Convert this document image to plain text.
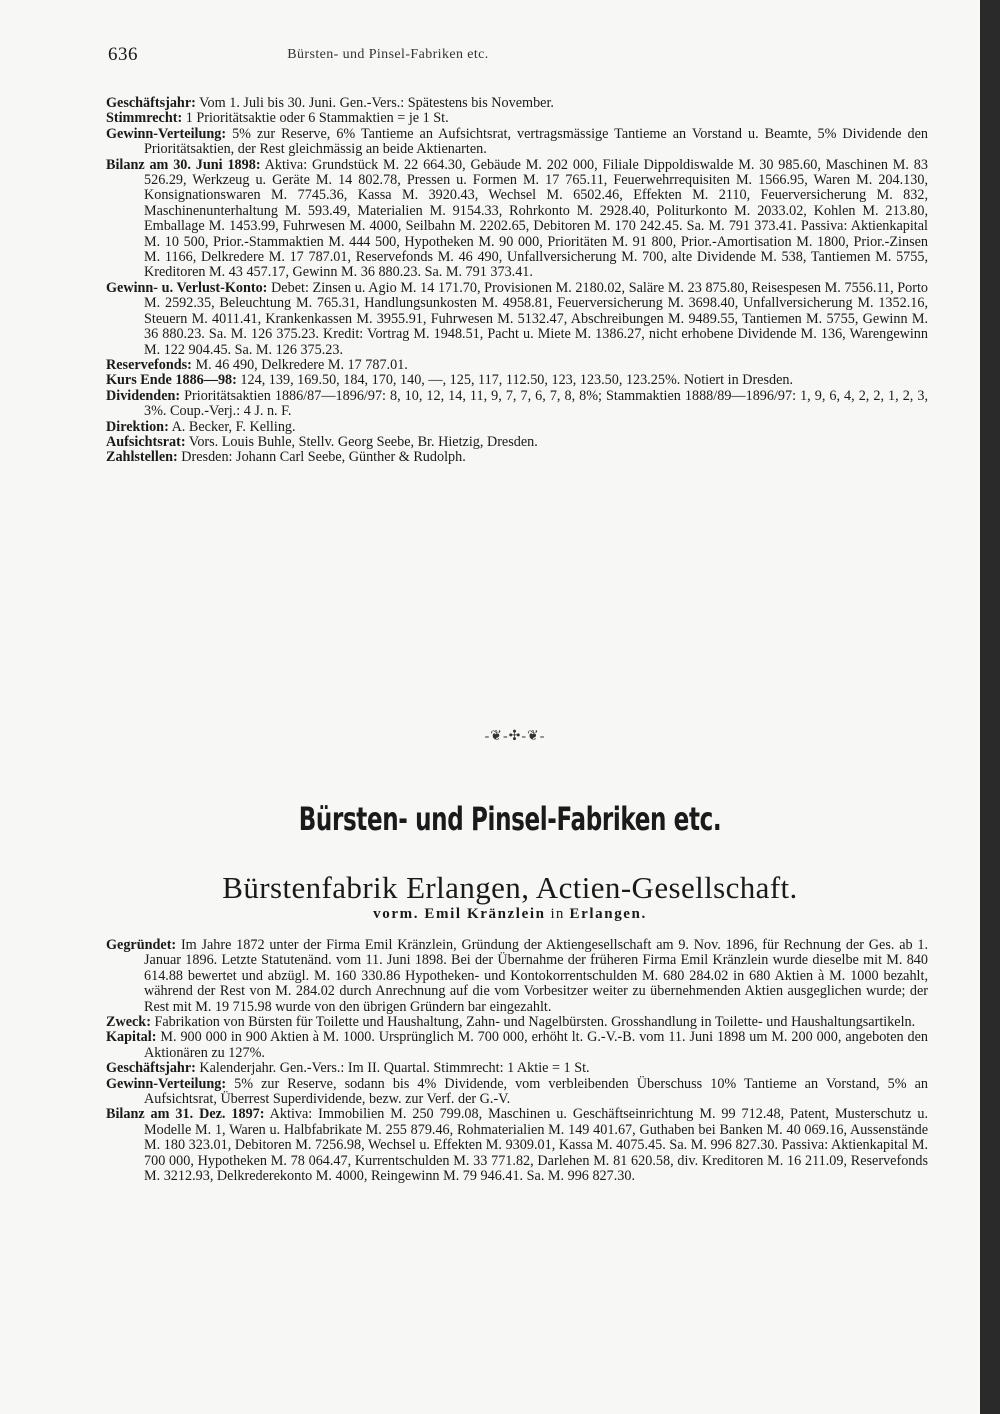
636	Bürsten- und Pinsel-Fabriken etc.

Geschäftsjahr: Vom 1. Juli bis 30. Juni. Gen.-Vers.: Spätestens bis November.

Stimmrecht: 1 Prioritätsaktie oder 6 Stammaktien = je 1 St.

Gewinn-Verteilung: 5% zur Reserve, 6% Tantieme an Aufsichtsrat, vertragsmässige Tantieme an Vorstand u. Beamte, 5% Dividende den Prioritätsaktien, der Rest gleichmässig an beide Aktienarten.

Bilanz am 30. Juni 1898: Aktiva: Grundstück M. 22 664.30, Gebäude M. 202 000, Filiale Dippoldiswalde M. 30 985.60, Maschinen M. 83 526.29, Werkzeug u. Geräte M. 14 802.78, Pressen u. Formen M. 17 765.11, Feuerwehrrequisiten M. 1566.95, Waren M. 204.130, Konsignationswaren M. 7745.36, Kassa M. 3920.43, Wechsel M. 6502.46, Effekten M. 2110, Feuerversicherung M. 832, Maschinenunterhaltung M. 593.49, Materialien M. 9154.33, Rohrkonto M. 2928.40, Politurkonto M. 2033.02, Kohlen M. 213.80, Emballage M. 1453.99, Fuhrwesen M. 4000, Seilbahn M. 2202.65, Debitoren M. 170 242.45. Sa. M. 791 373.41. Passiva: Aktienkapital M. 10 500, Prior.-Stammaktien M. 444 500, Hypotheken M. 90 000, Prioritäten M. 91 800, Prior.-Amortisation M. 1800, Prior.-Zinsen M. 1166, Delkredere M. 17 787.01, Reservefonds M. 46 490, Unfallversicherung M. 700, alte Dividende M. 538, Tantiemen M. 5755, Kreditoren M. 43 457.17, Gewinn M. 36 880.23. Sa. M. 791 373.41.

Gewinn- u. Verlust-Konto: Debet: Zinsen u. Agio M. 14 171.70, Provisionen M. 2180.02, Saläre M. 23 875.80, Reisespesen M. 7556.11, Porto M. 2592.35, Beleuchtung M. 765.31, Handlungsunkosten M. 4958.81, Feuerversicherung M. 3698.40, Unfallversicherung M. 1352.16, Steuern M. 4011.41, Krankenkassen M. 3955.91, Fuhrwesen M. 5132.47, Abschreibungen M. 9489.55, Tantiemen M. 5755, Gewinn M. 36 880.23. Sa. M. 126 375.23. Kredit: Vortrag M. 1948.51, Pacht u. Miete M. 1386.27, nicht erhobene Dividende M. 136, Warengewinn M. 122 904.45. Sa. M. 126 375.23.

Reservefonds: M. 46 490, Delkredere M. 17 787.01.

Kurs Ende 1886—98: 124, 139, 169.50, 184, 170, 140, —, 125, 117, 112.50, 123, 123.50, 123.25%. Notiert in Dresden.

Dividenden: Prioritätsaktien 1886/87—1896/97: 8, 10, 12, 14, 11, 9, 7, 7, 6, 7, 8, 8%; Stammaktien 1888/89—1896/97: 1, 9, 6, 4, 2, 2, 1, 2, 3, 3%. Coup.-Verj.: 4 J. n. F.

Direktion: A. Becker, F. Kelling.

Aufsichtsrat: Vors. Louis Buhle, Stellv. Georg Seebe, Br. Hietzig, Dresden.

Zahlstellen: Dresden: Johann Carl Seebe, Günther & Rudolph.

-❦-✣-❦-
Bürsten- und Pinsel-Fabriken etc.
Bürstenfabrik Erlangen, Actien-Gesellschaft.
vorm. Emil Kränzlein in Erlangen.

Gegründet: Im Jahre 1872 unter der Firma Emil Kränzlein, Gründung der Aktiengesellschaft am 9. Nov. 1896, für Rechnung der Ges. ab 1. Januar 1896. Letzte Statutenänd. vom 11. Juni 1898. Bei der Übernahme der früheren Firma Emil Kränzlein wurde dieselbe mit M. 840 614.88 bewertet und abzügl. M. 160 330.86 Hypotheken- und Kontokorrentschulden M. 680 284.02 in 680 Aktien à M. 1000 bezahlt, während der Rest von M. 284.02 durch Anrechnung auf die vom Vorbesitzer weiter zu übernehmenden Aktien ausgeglichen wurde; der Rest mit M. 19 715.98 wurde von den übrigen Gründern bar eingezahlt.

Zweck: Fabrikation von Bürsten für Toilette und Haushaltung, Zahn- und Nagelbürsten. Grosshandlung in Toilette- und Haushaltungsartikeln.

Kapital: M. 900 000 in 900 Aktien à M. 1000. Ursprünglich M. 700 000, erhöht lt. G.-V.-B. vom 11. Juni 1898 um M. 200 000, angeboten den Aktionären zu 127%.

Geschäftsjahr: Kalenderjahr. Gen.-Vers.: Im II. Quartal. Stimmrecht: 1 Aktie = 1 St.

Gewinn-Verteilung: 5% zur Reserve, sodann bis 4% Dividende, vom verbleibenden Überschuss 10% Tantieme an Vorstand, 5% an Aufsichtsrat, Überrest Superdividende, bezw. zur Verf. der G.-V.

Bilanz am 31. Dez. 1897: Aktiva: Immobilien M. 250 799.08, Maschinen u. Geschäftseinrichtung M. 99 712.48, Patent, Musterschutz u. Modelle M. 1, Waren u. Halbfabrikate M. 255 879.46, Rohmaterialien M. 149 401.67, Guthaben bei Banken M. 40 069.16, Aussenstände M. 180 323.01, Debitoren M. 7256.98, Wechsel u. Effekten M. 9309.01, Kassa M. 4075.45. Sa. M. 996 827.30. Passiva: Aktienkapital M. 700 000, Hypotheken M. 78 064.47, Kurrentschulden M. 33 771.82, Darlehen M. 81 620.58, div. Kreditoren M. 16 211.09, Reservefonds M. 3212.93, Delkrederekonto M. 4000, Reingewinn M. 79 946.41. Sa. M. 996 827.30.
